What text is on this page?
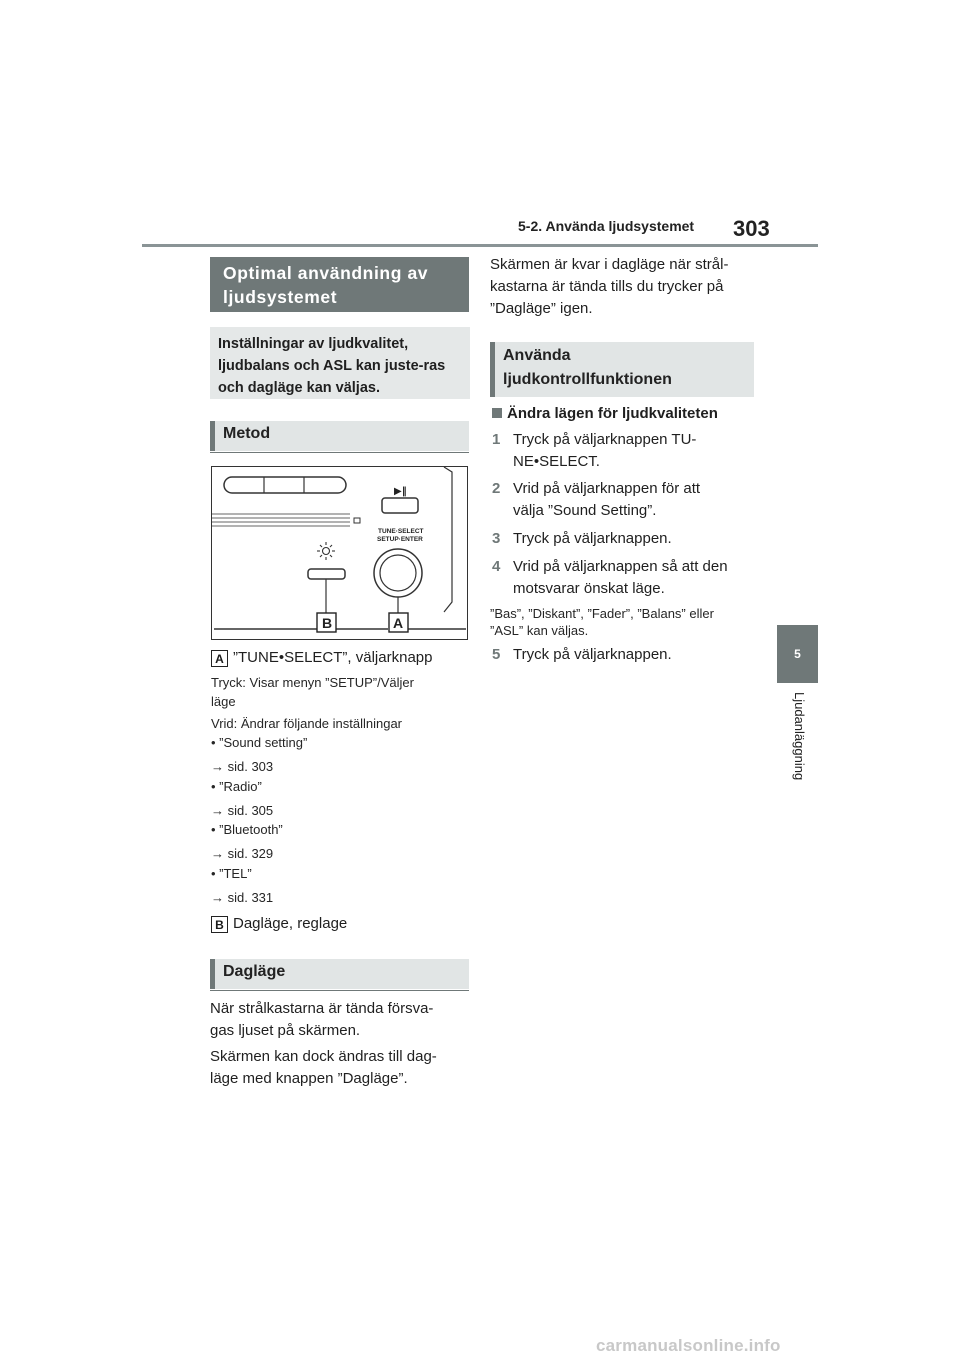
5-2. Använda ljudsystemet 303
5
Ljudanläggning
Optimal användning av ljudsystemet
Inställningar av ljudkvalitet, ljudbalans och ASL kan juste-ras och dagläge kan väljas.
Metod
▶‖
TUNE·SELECT
SETUP·ENTER
B	A
A ”TUNE•SELECT”, väljarknapp
Tryck: Visar menyn ”SETUP”/Väljer
läge
Vrid: Ändrar följande inställningar
• ”Sound setting”
→ sid. 303
• ”Radio”
→ sid. 305
• ”Bluetooth”
→ sid. 329
• ”TEL”
→ sid. 331
B Dagläge, reglage
Dagläge
När strålkastarna är tända försva-
gas ljuset på skärmen.
Skärmen kan dock ändras till dag-
läge med knappen ”Dagläge”.
Skärmen är kvar i dagläge när strål-
kastarna är tända tills du trycker på
”Dagläge” igen.
Använda ljudkontrollfunktionen
Ändra lägen för ljudkvaliteten
1 Tryck på väljarknappen TU-
NE•SELECT.
2 Vrid på väljarknappen för att
välja ”Sound Setting”.
3 Tryck på väljarknappen.
4 Vrid på väljarknappen så att den
motsvarar önskat läge.
”Bas”, ”Diskant”, ”Fader”, ”Balans” eller
”ASL” kan väljas.
5 Tryck på väljarknappen.
carmanualsonline.info
